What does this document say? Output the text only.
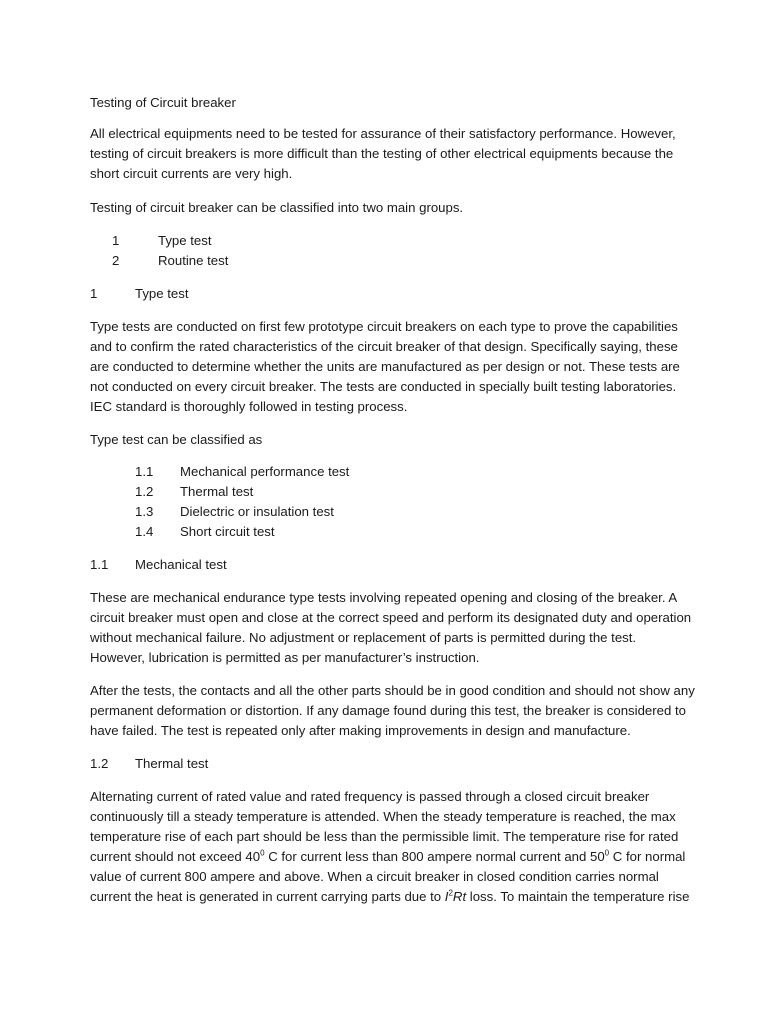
Testing of Circuit breaker
All electrical equipments need to be tested for assurance of their satisfactory performance. However,
testing of circuit breakers is more difficult than the testing of other electrical equipments because the
short circuit currents are very high.
Testing of circuit breaker can be classified into two main groups.
1	Type test
2	Routine test
1	Type test
Type tests are conducted on first few prototype circuit breakers on each type to prove the capabilities
and to confirm the rated characteristics of the circuit breaker of that design. Specifically saying, these
are conducted to determine whether the units are manufactured as per design or not. These tests are
not conducted on every circuit breaker. The tests are conducted in specially built testing laboratories.
IEC standard is thoroughly followed in testing process.
Type test can be classified as
1.1 Mechanical performance test
1.2 Thermal test
1.3 Dielectric or insulation test
1.4 Short circuit test
1.1 Mechanical test
These are mechanical endurance type tests involving repeated opening and closing of the breaker. A
circuit breaker must open and close at the correct speed and perform its designated duty and operation
without mechanical failure. No adjustment or replacement of parts is permitted during the test.
However, lubrication is permitted as per manufacturer’s instruction.
After the tests, the contacts and all the other parts should be in good condition and should not show any
permanent deformation or distortion. If any damage found during this test, the breaker is considered to
have failed. The test is repeated only after making improvements in design and manufacture.
1.2 Thermal test
Alternating current of rated value and rated frequency is passed through a closed circuit breaker
continuously till a steady temperature is attended. When the steady temperature is reached, the max
temperature rise of each part should be less than the permissible limit. The temperature rise for rated
current should not exceed $40^0$ C for current less than 800 ampere normal current and $50^0$ C for normal
value of current 800 ampere and above. When a circuit breaker in closed condition carries normal
current the heat is generated in current carrying parts due to $I^2Rt$ loss. To maintain the temperature rise
